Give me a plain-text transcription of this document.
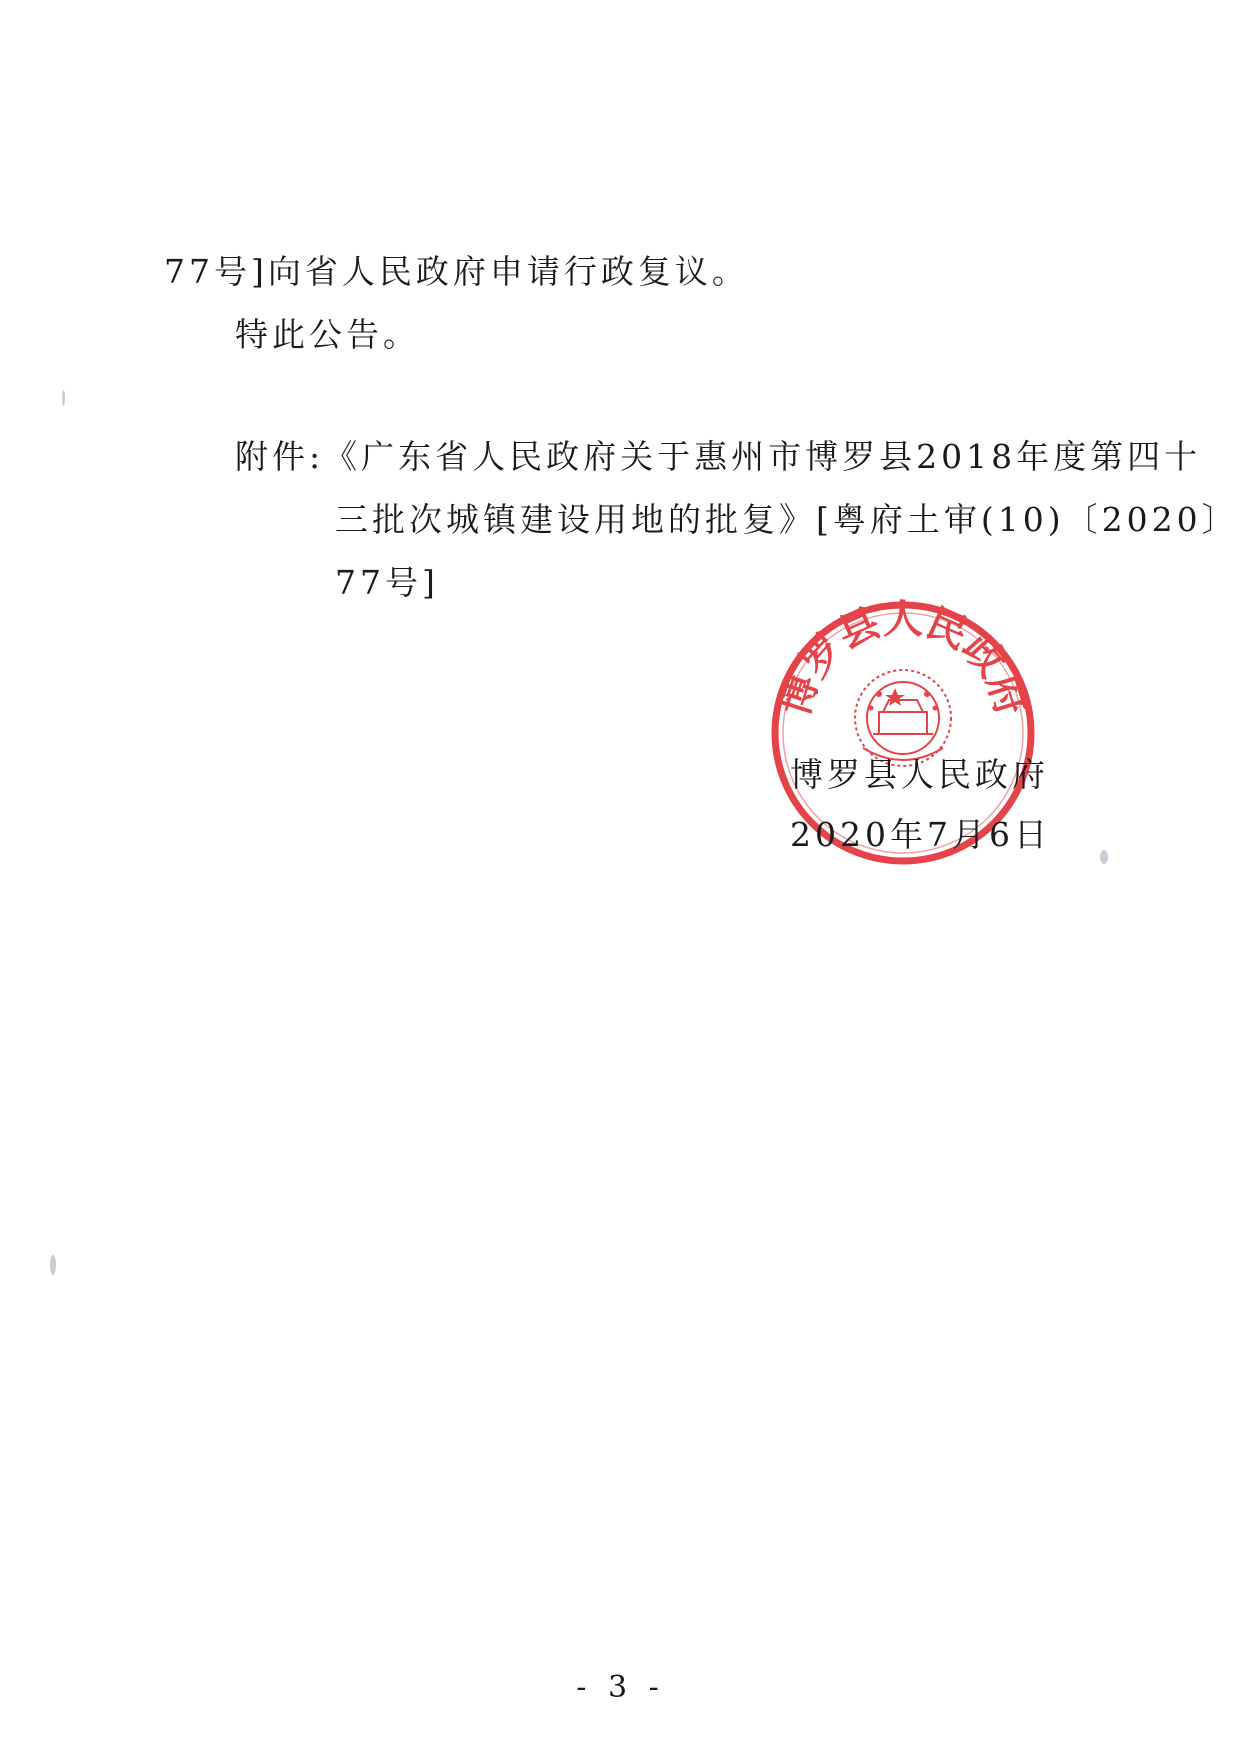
77号]向省人民政府申请行政复议。
特此公告。
附件:《广东省人民政府关于惠州市博罗县2018年度第四十
三批次城镇建设用地的批复》[粤府土审(10)〔2020〕
77号]
博罗县人民政府
博罗县人民政府
2020年7月6日
- 3 -
